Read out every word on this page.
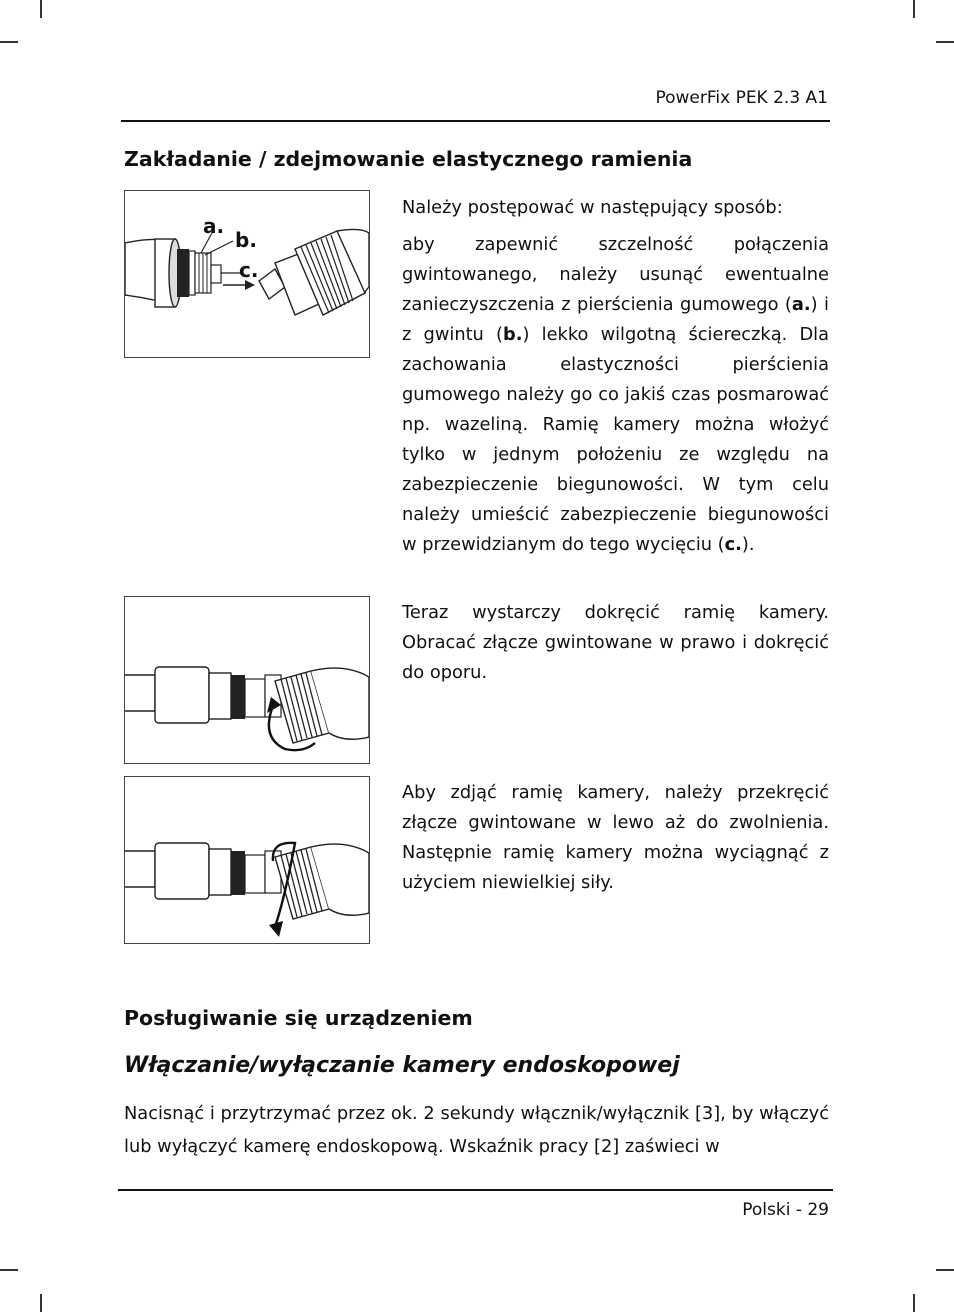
PowerFix PEK 2.3 A1
Zakładanie / zdejmowanie elastycznego ramienia
a.
b.
c.

Należy postępować w następujący sposób:

aby zapewnić szczelność połączenia gwintowanego, należy usunąć ewentualne zanieczyszczenia z pierścienia gumowego (a.) i z gwintu (b.) lekko wilgotną ściereczką. Dla zachowania elastyczności pierścienia gumowego należy go co jakiś czas posmarować np. wazeliną. Ramię kamery można włożyć tylko w jednym położeniu ze względu na zabezpieczenie biegunowości. W tym celu należy umieścić zabezpieczenie biegunowości w przewidzianym do tego wycięciu (c.).

Teraz wystarczy dokręcić ramię kamery. Obracać złącze gwintowane w prawo i dokręcić do oporu.

Aby zdjąć ramię kamery, należy przekręcić złącze gwintowane w lewo aż do zwolnienia. Następnie ramię kamery można wyciągnąć z użyciem niewielkiej siły.

Posługiwanie się urządzeniem
Włączanie/wyłączanie kamery endoskopowej

Nacisnąć i przytrzymać przez ok. 2 sekundy włącznik/wyłącznik [3], by włączyć lub wyłączyć kamerę endoskopową. Wskaźnik pracy [2] zaświeci w

Polski - 29
